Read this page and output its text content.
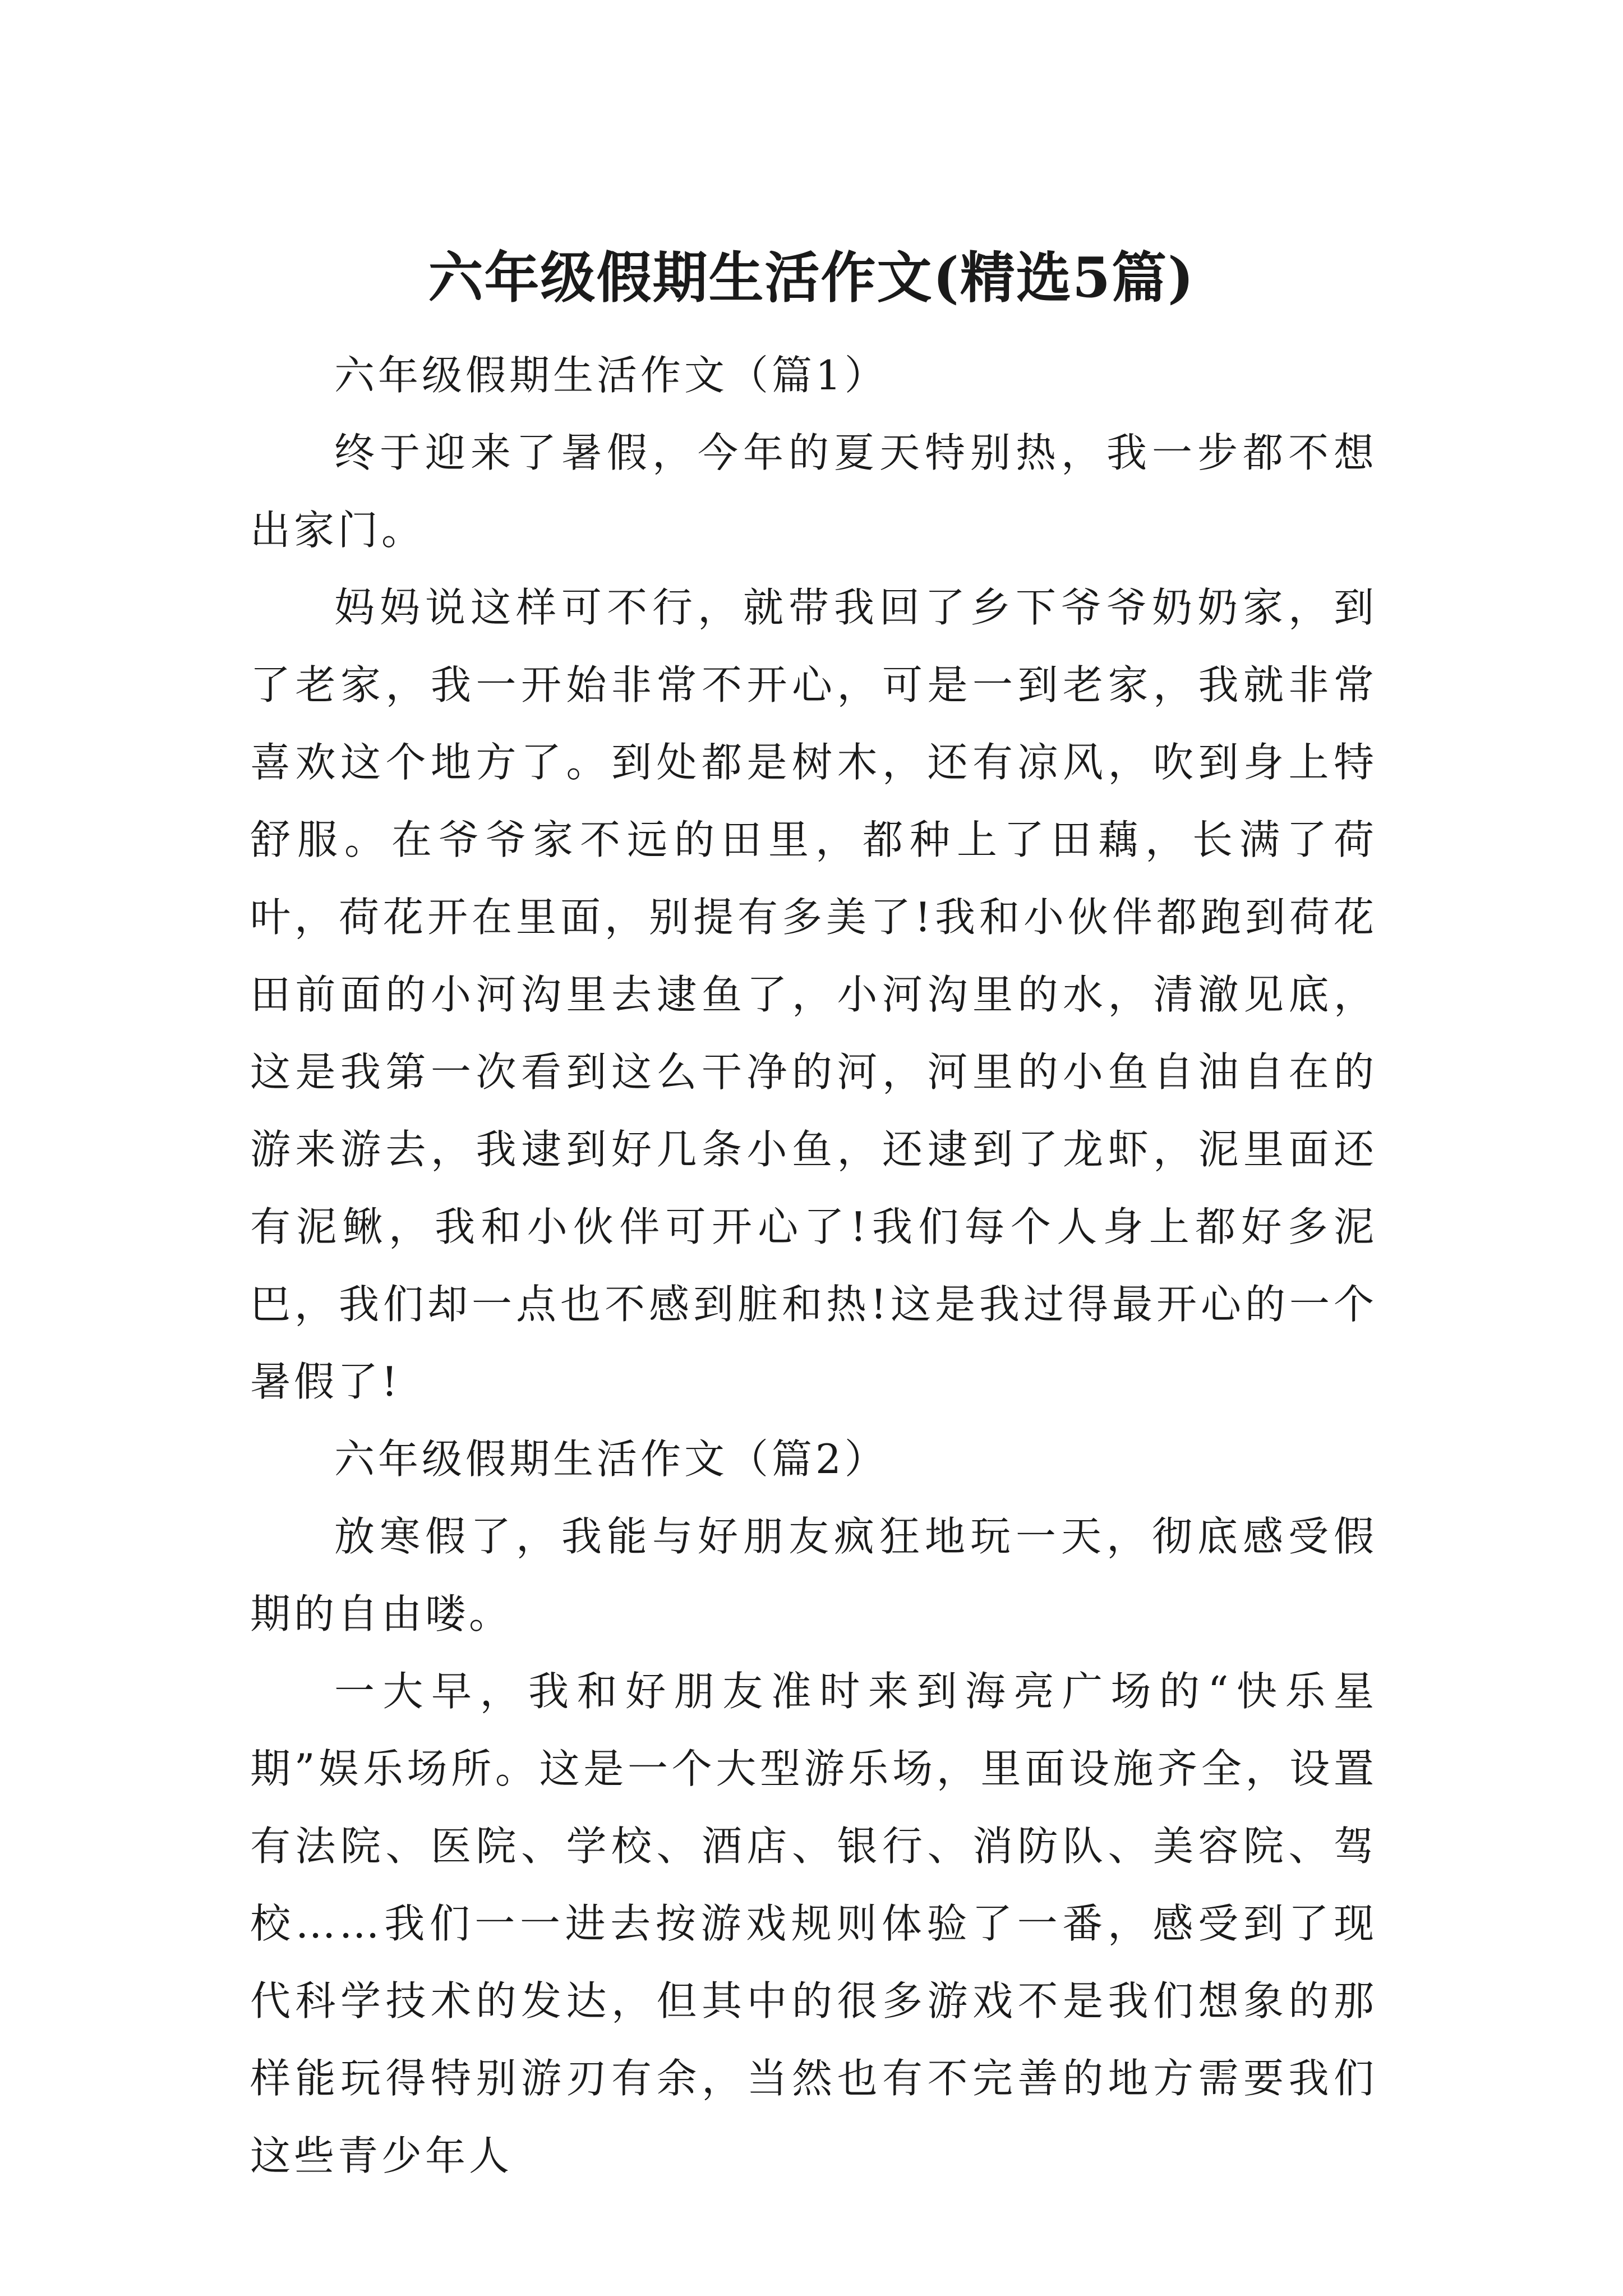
六年级假期生活作文(精选5篇)

六年级假期生活作文（篇1）

终于迎来了暑假，今年的夏天特别热，我一步都不想出家门。

妈妈说这样可不行，就带我回了乡下爷爷奶奶家，到了老家，我一开始非常不开心，可是一到老家，我就非常喜欢这个地方了。到处都是树木，还有凉风，吹到身上特舒服。在爷爷家不远的田里，都种上了田藕，长满了荷叶，荷花开在里面，别提有多美了!我和小伙伴都跑到荷花田前面的小河沟里去逮鱼了，小河沟里的水，清澈见底，这是我第一次看到这么干净的河，河里的小鱼自油自在的游来游去，我逮到好几条小鱼，还逮到了龙虾，泥里面还有泥鳅，我和小伙伴可开心了!我们每个人身上都好多泥巴，我们却一点也不感到脏和热!这是我过得最开心的一个暑假了!

六年级假期生活作文（篇2）

放寒假了，我能与好朋友疯狂地玩一天，彻底感受假期的自由喽。

一大早，我和好朋友准时来到海亮广场的“快乐星期”娱乐场所。这是一个大型游乐场，里面设施齐全，设置有法院、医院、学校、酒店、银行、消防队、美容院、驾校……我们一一进去按游戏规则体验了一番，感受到了现代科学技术的发达，但其中的很多游戏不是我们想象的那样能玩得特别游刃有余，当然也有不完善的地方需要我们这些青少年人
